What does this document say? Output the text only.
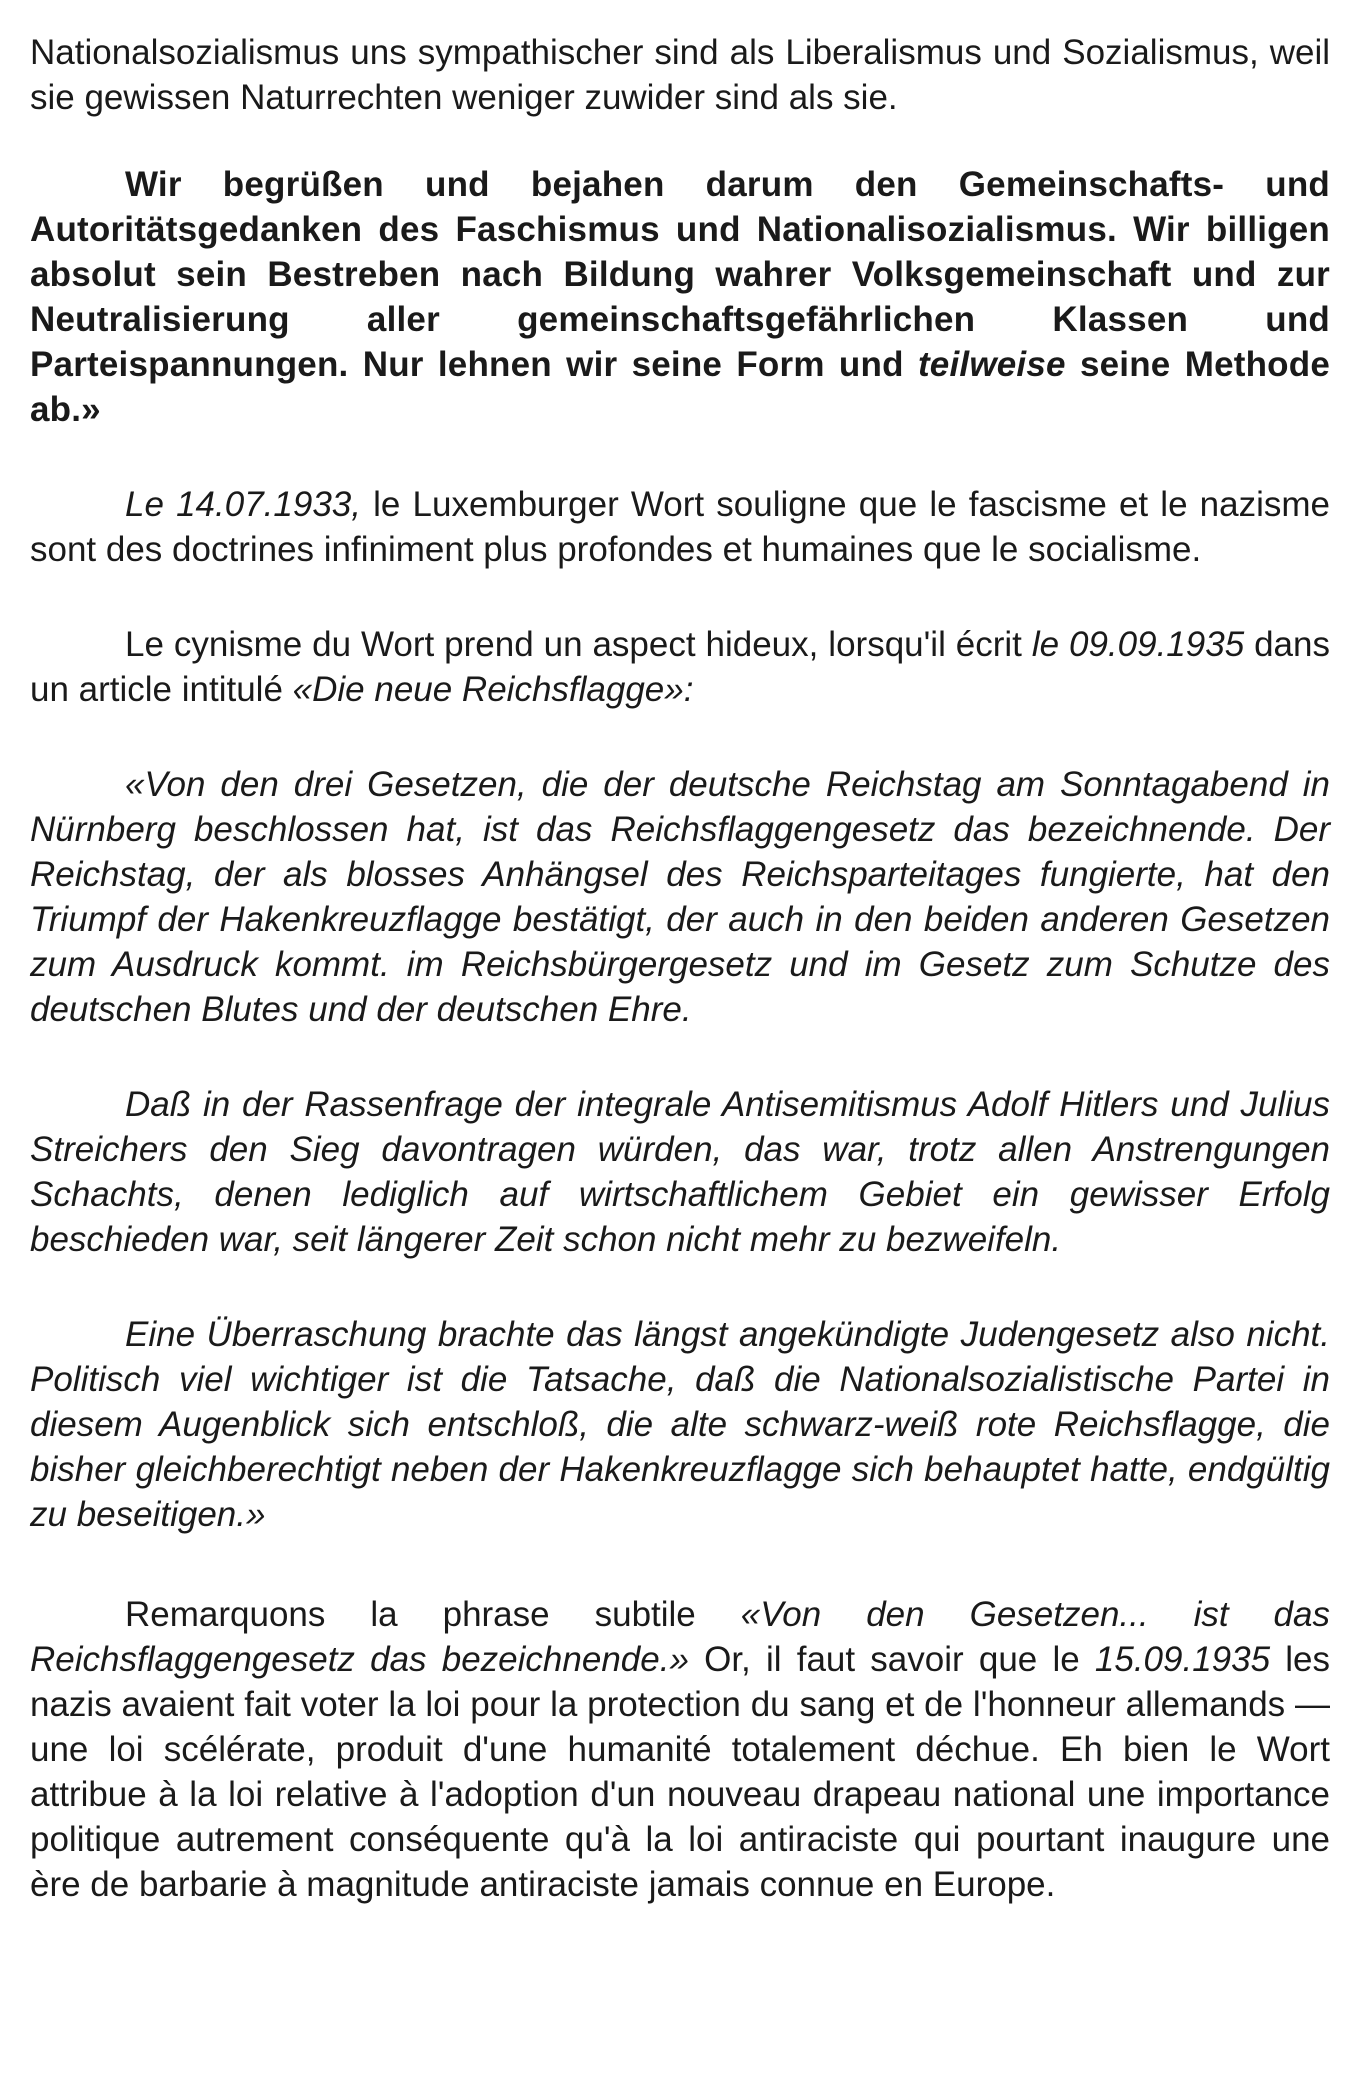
Nationalsozialismus uns sympathischer sind als Liberalismus und Sozialismus, weil sie gewissen Naturrechten weniger zuwider sind als sie.

Wir begrüßen und bejahen darum den Gemeinschafts- und Autoritätsgedanken des Faschismus und Nationalisozialismus. Wir billigen absolut sein Bestreben nach Bildung wahrer Volksgemeinschaft und zur Neutralisierung aller gemeinschaftsgefährlichen Klassen und Parteispannungen. Nur lehnen wir seine Form und teilweise seine Methode ab.»

Le 14.07.1933, le Luxemburger Wort souligne que le fascisme et le nazisme sont des doctrines infiniment plus profondes et humaines que le socialisme.

Le cynisme du Wort prend un aspect hideux, lorsqu'il écrit le 09.09.1935 dans un article intitulé «Die neue Reichsflagge»:

«Von den drei Gesetzen, die der deutsche Reichstag am Sonntagabend in Nürnberg beschlossen hat, ist das Reichsflaggengesetz das bezeichnende. Der Reichstag, der als blosses Anhängsel des Reichsparteitages fungierte, hat den Triumpf der Hakenkreuzflagge bestätigt, der auch in den beiden anderen Gesetzen zum Ausdruck kommt. im Reichsbürgergesetz und im Gesetz zum Schutze des deutschen Blutes und der deutschen Ehre.

Daß in der Rassenfrage der integrale Antisemitismus Adolf Hitlers und Julius Streichers den Sieg davontragen würden, das war, trotz allen Anstrengungen Schachts, denen lediglich auf wirtschaftlichem Gebiet ein gewisser Erfolg beschieden war, seit längerer Zeit schon nicht mehr zu bezweifeln.

Eine Überraschung brachte das längst angekündigte Judengesetz also nicht. Politisch viel wichtiger ist die Tatsache, daß die Nationalsozialistische Partei in diesem Augenblick sich entschloß, die alte schwarz-weiß rote Reichsflagge, die bisher gleichberechtigt neben der Hakenkreuzflagge sich behauptet hatte, endgültig zu beseitigen.»

Remarquons la phrase subtile «Von den Gesetzen... ist das Reichsflaggengesetz das bezeichnende.» Or, il faut savoir que le 15.09.1935 les nazis avaient fait voter la loi pour la protection du sang et de l'honneur allemands — une loi scélérate, produit d'une humanité totalement déchue. Eh bien le Wort attribue à la loi relative à l'adoption d'un nouveau drapeau national une importance politique autrement conséquente qu'à la loi antiraciste qui pourtant inaugure une ère de barbarie à magnitude antiraciste jamais connue en Europe.
